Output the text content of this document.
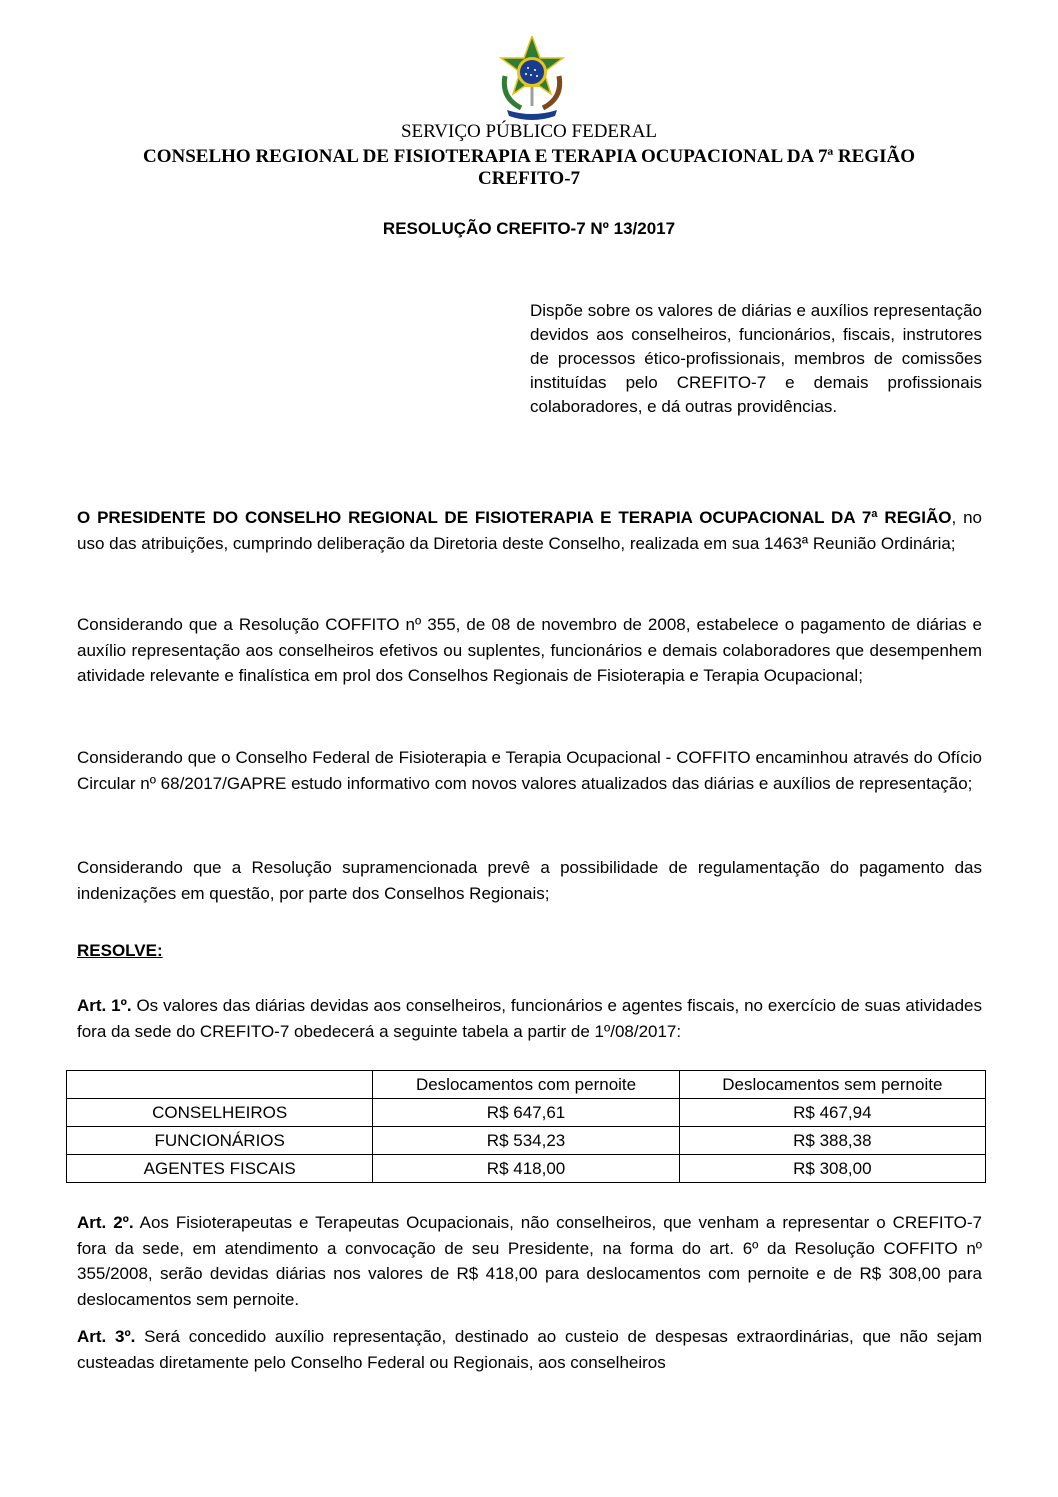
SERVIÇO PÚBLICO FEDERAL
CONSELHO REGIONAL DE FISIOTERAPIA E TERAPIA OCUPACIONAL DA 7ª REGIÃO
CREFITO-7
RESOLUÇÃO CREFITO-7 Nº 13/2017
Dispõe sobre os valores de diárias e auxílios representação devidos aos conselheiros, funcionários, fiscais, instrutores de processos ético-profissionais, membros de comissões instituídas pelo CREFITO-7 e demais profissionais colaboradores, e dá outras providências.
O PRESIDENTE DO CONSELHO REGIONAL DE FISIOTERAPIA E TERAPIA OCUPACIONAL DA 7ª REGIÃO, no uso das atribuições, cumprindo deliberação da Diretoria deste Conselho, realizada em sua 1463ª Reunião Ordinária;
Considerando que a Resolução COFFITO nº 355, de 08 de novembro de 2008, estabelece o pagamento de diárias e auxílio representação aos conselheiros efetivos ou suplentes, funcionários e demais colaboradores que desempenhem atividade relevante e finalística em prol dos Conselhos Regionais de Fisioterapia e Terapia Ocupacional;
Considerando que o Conselho Federal de Fisioterapia e Terapia Ocupacional - COFFITO encaminhou através do Ofício Circular nº 68/2017/GAPRE estudo informativo com novos valores atualizados das diárias e auxílios de representação;
Considerando que a Resolução supramencionada prevê a possibilidade de regulamentação do pagamento das indenizações em questão, por parte dos Conselhos Regionais;
RESOLVE:
Art. 1º. Os valores das diárias devidas aos conselheiros, funcionários e agentes fiscais, no exercício de suas atividades fora da sede do CREFITO-7 obedecerá a seguinte tabela a partir de 1º/08/2017:
	Deslocamentos com pernoite	Deslocamentos sem pernoite
CONSELHEIROS	R$ 647,61	R$ 467,94
FUNCIONÁRIOS	R$ 534,23	R$ 388,38
AGENTES FISCAIS	R$ 418,00	R$ 308,00
Art. 2º. Aos Fisioterapeutas e Terapeutas Ocupacionais, não conselheiros, que venham a representar o CREFITO-7 fora da sede, em atendimento a convocação de seu Presidente, na forma do art. 6º da Resolução COFFITO nº 355/2008, serão devidas diárias nos valores de R$ 418,00 para deslocamentos com pernoite e de R$ 308,00 para deslocamentos sem pernoite.
Art. 3º. Será concedido auxílio representação, destinado ao custeio de despesas extraordinárias, que não sejam custeadas diretamente pelo Conselho Federal ou Regionais, aos conselheiros
